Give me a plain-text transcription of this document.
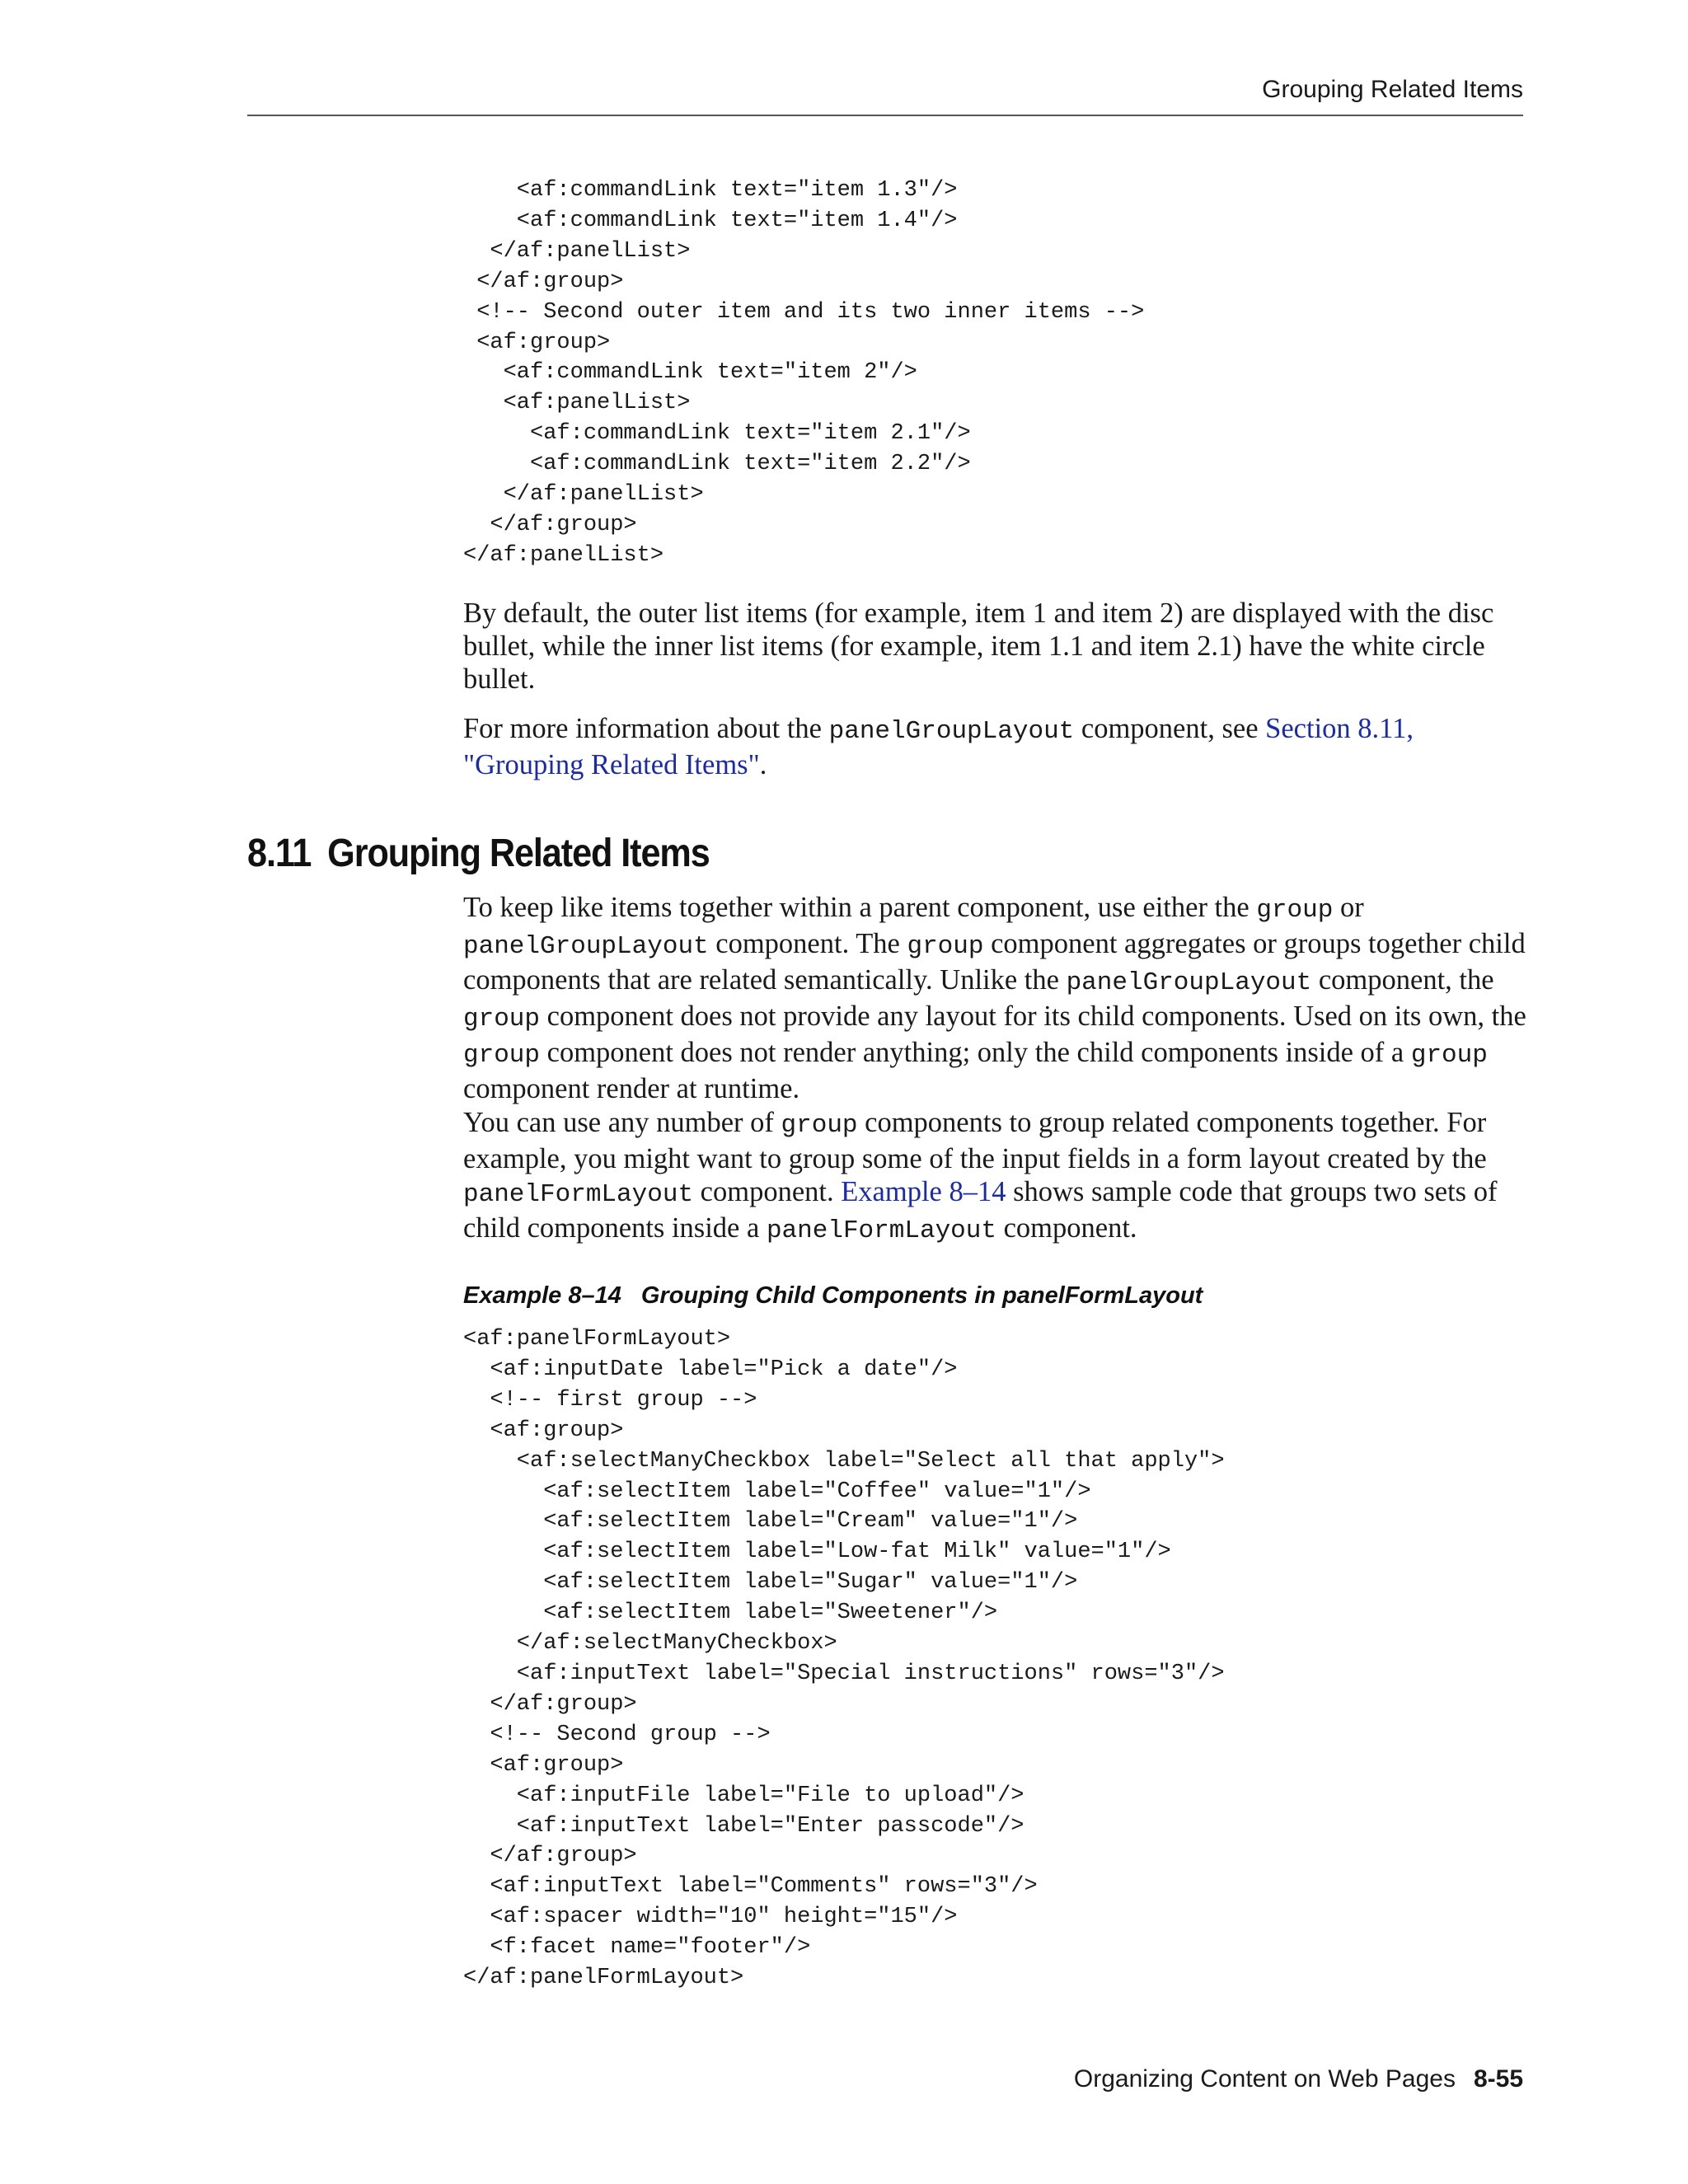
Grouping Related Items
<af:commandLink text="item 1.3"/>
<af:commandLink text="item 1.4"/>
</af:panelList>
</af:group>
<!-- Second outer item and its two inner items -->
<af:group>
<af:commandLink text="item 2"/>
<af:panelList>
<af:commandLink text="item 2.1"/>
<af:commandLink text="item 2.2"/>
</af:panelList>
</af:group>
</af:panelList>

By default, the outer list items (for example, item 1 and item 2) are displayed with the disc bullet, while the inner list items (for example, item 1.1 and item 2.1) have the white circle bullet.

For more information about the panelGroupLayout component, see Section 8.11, "Grouping Related Items".

8.11 Grouping Related Items

To keep like items together within a parent component, use either the group or panelGroupLayout component. The group component aggregates or groups together child components that are related semantically. Unlike the panelGroupLayout component, the group component does not provide any layout for its child components. Used on its own, the group component does not render anything; only the child components inside of a group component render at runtime.

You can use any number of group components to group related components together. For example, you might want to group some of the input fields in a form layout created by the panelFormLayout component. Example 8–14 shows sample code that groups two sets of child components inside a panelFormLayout component.

Example 8–14 Grouping Child Components in panelFormLayout

<af:panelFormLayout>
<af:inputDate label="Pick a date"/>
<!-- first group -->
<af:group>
<af:selectManyCheckbox label="Select all that apply">
<af:selectItem label="Coffee" value="1"/>
<af:selectItem label="Cream" value="1"/>
<af:selectItem label="Low-fat Milk" value="1"/>
<af:selectItem label="Sugar" value="1"/>
<af:selectItem label="Sweetener"/>
</af:selectManyCheckbox>
<af:inputText label="Special instructions" rows="3"/>
</af:group>
<!-- Second group -->
<af:group>
<af:inputFile label="File to upload"/>
<af:inputText label="Enter passcode"/>
</af:group>
<af:inputText label="Comments" rows="3"/>
<af:spacer width="10" height="15"/>
<f:facet name="footer"/>
</af:panelFormLayout>
Organizing Content on Web Pages 8-55
